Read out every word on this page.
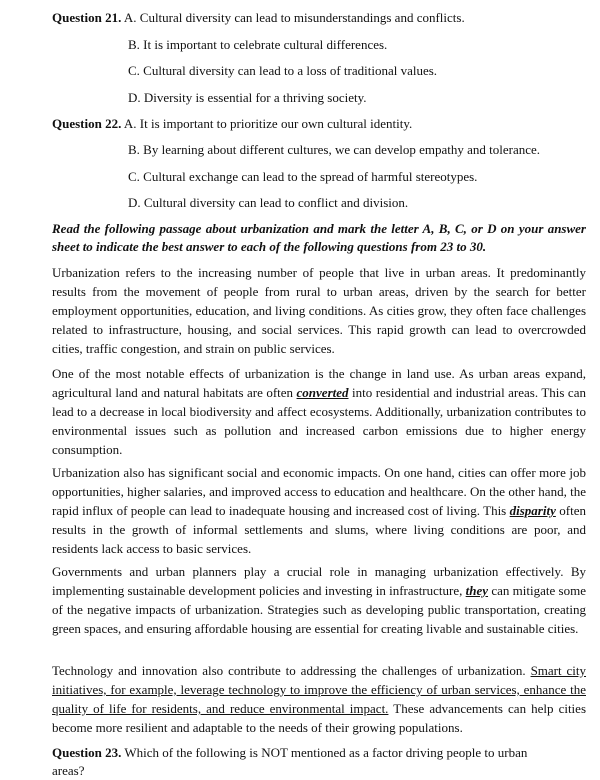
Question 21. A. Cultural diversity can lead to misunderstandings and conflicts.
B. It is important to celebrate cultural differences.
C. Cultural diversity can lead to a loss of traditional values.
D. Diversity is essential for a thriving society.
Question 22. A. It is important to prioritize our own cultural identity.
B. By learning about different cultures, we can develop empathy and tolerance.
C. Cultural exchange can lead to the spread of harmful stereotypes.
D. Cultural diversity can lead to conflict and division.
Read the following passage about urbanization and mark the letter A, B, C, or D on your answer sheet to indicate the best answer to each of the following questions from 23 to 30.
Urbanization refers to the increasing number of people that live in urban areas. It predominantly results from the movement of people from rural to urban areas, driven by the search for better employment opportunities, education, and living conditions. As cities grow, they often face challenges related to infrastructure, housing, and social services. This rapid growth can lead to overcrowded cities, traffic congestion, and strain on public services.
One of the most notable effects of urbanization is the change in land use. As urban areas expand, agricultural land and natural habitats are often converted into residential and industrial areas. This can lead to a decrease in local biodiversity and affect ecosystems. Additionally, urbanization contributes to environmental issues such as pollution and increased carbon emissions due to higher energy consumption.
Urbanization also has significant social and economic impacts. On one hand, cities can offer more job opportunities, higher salaries, and improved access to education and healthcare. On the other hand, the rapid influx of people can lead to inadequate housing and increased cost of living. This disparity often results in the growth of informal settlements and slums, where living conditions are poor, and residents lack access to basic services.
Governments and urban planners play a crucial role in managing urbanization effectively. By implementing sustainable development policies and investing in infrastructure, they can mitigate some of the negative impacts of urbanization. Strategies such as developing public transportation, creating green spaces, and ensuring affordable housing are essential for creating livable and sustainable cities.
Technology and innovation also contribute to addressing the challenges of urbanization. Smart city initiatives, for example, leverage technology to improve the efficiency of urban services, enhance the quality of life for residents, and reduce environmental impact. These advancements can help cities become more resilient and adaptable to the needs of their growing populations.
Question 23. Which of the following is NOT mentioned as a factor driving people to urban areas?
